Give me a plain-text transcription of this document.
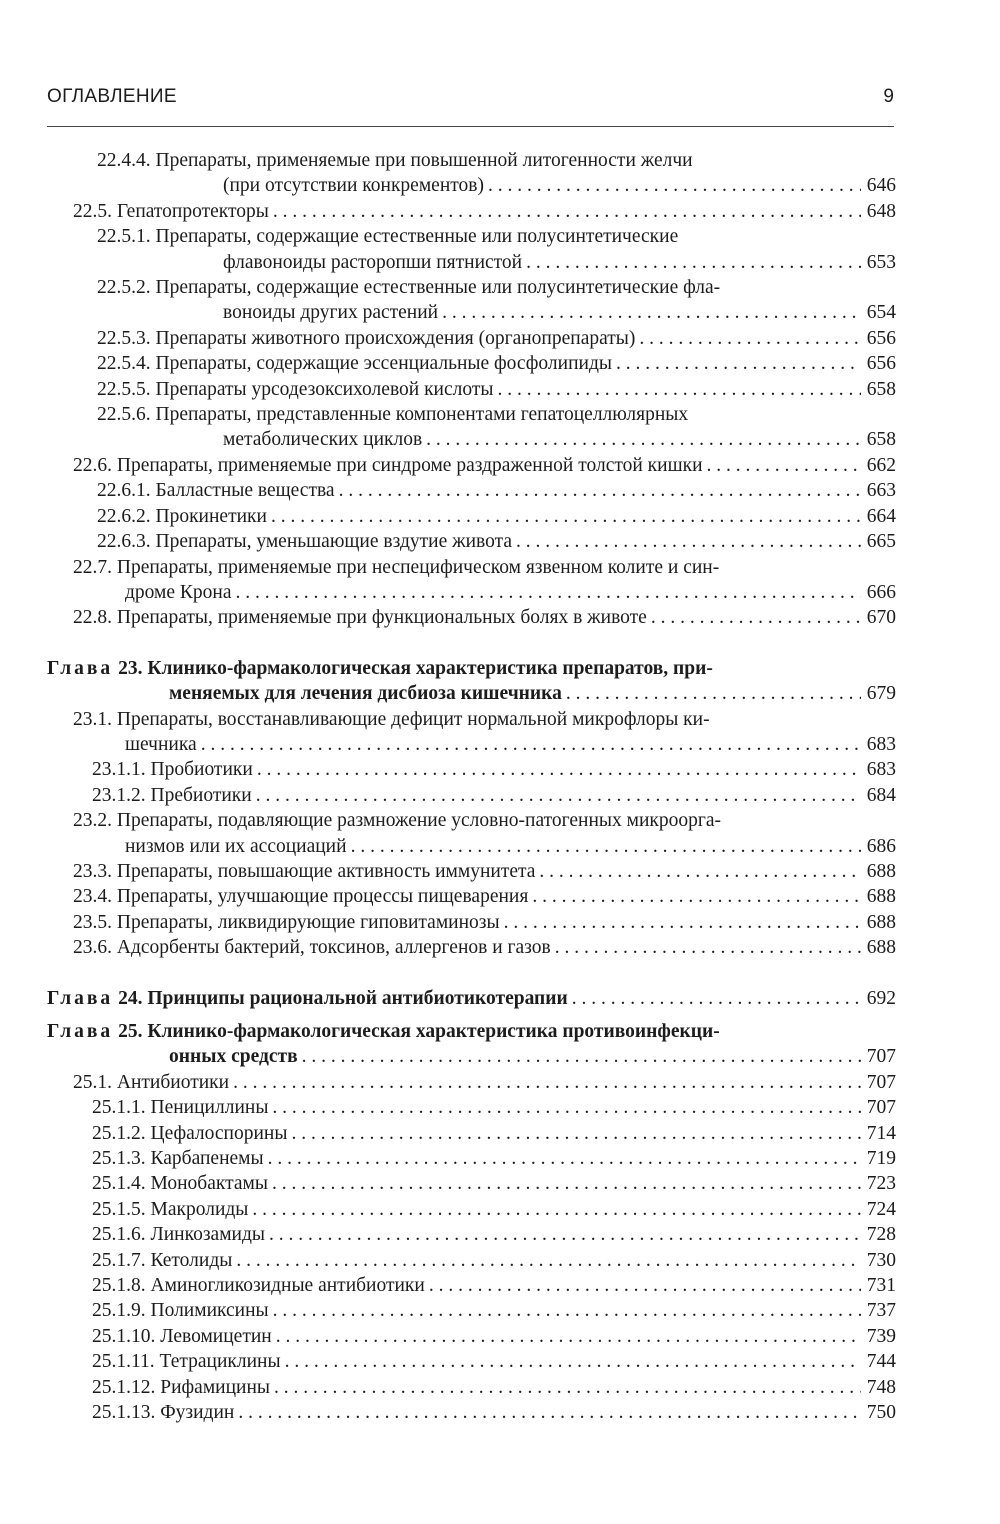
ОГЛАВЛЕНИЕ	9
22.4.4. Препараты, применяемые при повышенной литогенности желчи
(при отсутствии конкрементов) . . .	646
22.5. Гепатопротекторы . . .	648
22.5.1. Препараты, содержащие естественные или полусинтетические
флавоноиды расторопши пятнистой . . .	653
22.5.2. Препараты, содержащие естественные или полусинтетические фла-
воноиды других растений . . .	654
22.5.3. Препараты животного происхождения (органопрепараты) . . .	656
22.5.4. Препараты, содержащие эссенциальные фосфолипиды . . .	656
22.5.5. Препараты урсодезоксихолевой кислоты . . .	658
22.5.6. Препараты, представленные компонентами гепатоцеллюлярных
метаболических циклов . . .	658
22.6. Препараты, применяемые при синдроме раздраженной толстой кишки . . .	662
22.6.1. Балластные вещества . . .	663
22.6.2. Прокинетики . . .	664
22.6.3. Препараты, уменьшающие вздутие живота . . .	665
22.7. Препараты, применяемые при неспецифическом язвенном колите и син-
дроме Крона . . .	666
22.8. Препараты, применяемые при функциональных болях в животе . . .	670
Глава 23. Клинико-фармакологическая характеристика препаратов, при-
меняемых для лечения дисбиоза кишечника . . .	679
23.1. Препараты, восстанавливающие дефицит нормальной микрофлоры ки-
шечника . . .	683
23.1.1. Пробиотики . . .	683
23.1.2. Пребиотики . . .	684
23.2. Препараты, подавляющие размножение условно-патогенных микроорга-
низмов или их ассоциаций . . .	686
23.3. Препараты, повышающие активность иммунитета . . .	688
23.4. Препараты, улучшающие процессы пищеварения . . .	688
23.5. Препараты, ликвидирующие гиповитаминозы . . .	688
23.6. Адсорбенты бактерий, токсинов, аллергенов и газов . . .	688
Глава 24. Принципы рациональной антибиотикотерапии . . .	692
Глава 25. Клинико-фармакологическая характеристика противоинфекци-
онных средств . . .	707
25.1. Антибиотики . . .	707
25.1.1. Пенициллины . . .	707
25.1.2. Цефалоспорины . . .	714
25.1.3. Карбапенемы . . .	719
25.1.4. Монобактамы . . .	723
25.1.5. Макролиды . . .	724
25.1.6. Линкозамиды . . .	728
25.1.7. Кетолиды . . .	730
25.1.8. Аминогликозидные антибиотики . . .	731
25.1.9. Полимиксины . . .	737
25.1.10. Левомицетин . . .	739
25.1.11. Тетрациклины . . .	744
25.1.12. Рифамицины . . .	748
25.1.13. Фузидин . . .	750
